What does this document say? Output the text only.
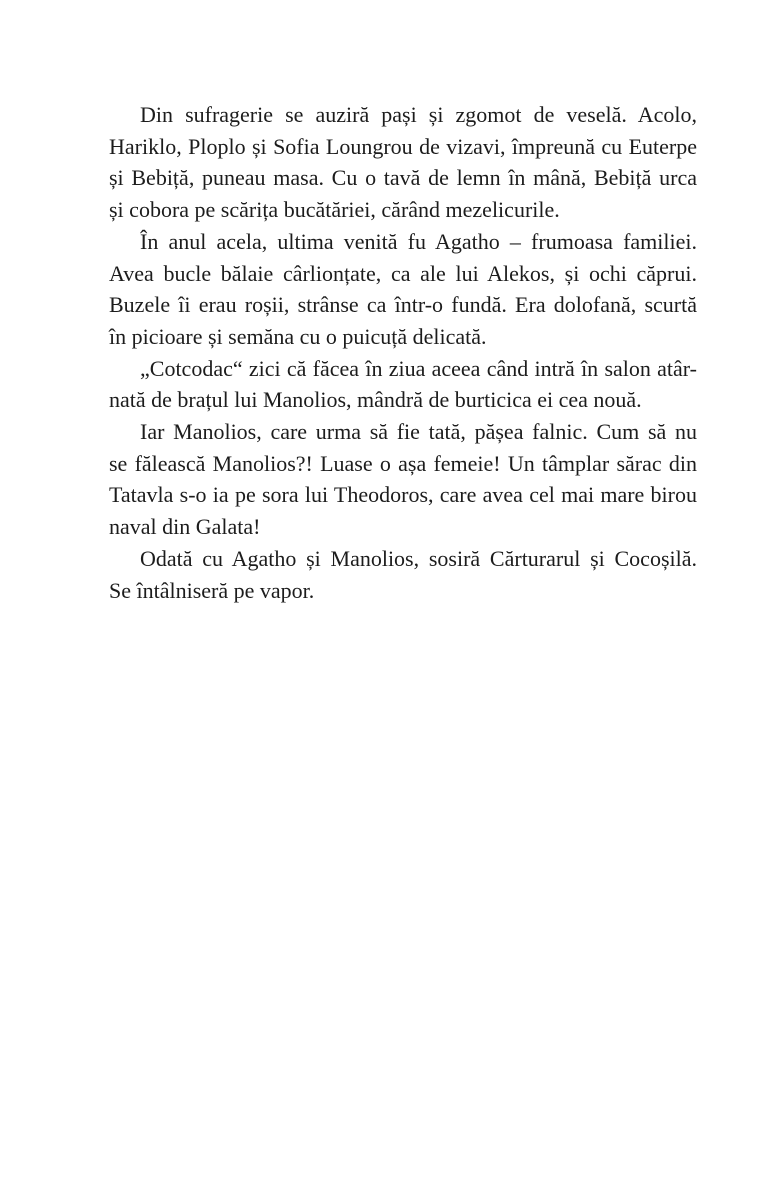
Din sufragerie se auziră pași și zgomot de veselă. Acolo,
Hariklo, Ploplo și Sofia Loungrou de vizavi, împreună cu Euterpe
și Bebiță, puneau masa. Cu o tavă de lemn în mână, Bebiță urca
și cobora pe scărița bucătăriei, cărând mezelicurile.
În anul acela, ultima venită fu Agatho – frumoasa familiei.
Avea bucle bălaie cârlionțate, ca ale lui Alekos, și ochi căprui.
Buzele îi erau roșii, strânse ca într-o fundă. Era dolofană, scurtă
în picioare și semăna cu o puicuță delicată.
„Cotcodac“ zici că făcea în ziua aceea când intră în salon atâr-
nată de brațul lui Manolios, mândră de burticica ei cea nouă.
Iar Manolios, care urma să fie tată, pășea falnic. Cum să nu
se fălească Manolios?! Luase o așa femeie! Un tâmplar sărac din
Tatavla s-o ia pe sora lui Theodoros, care avea cel mai mare birou
naval din Galata!
Odată cu Agatho și Manolios, sosiră Cărturarul și Cocoșilă.
Se întâlniseră pe vapor.
